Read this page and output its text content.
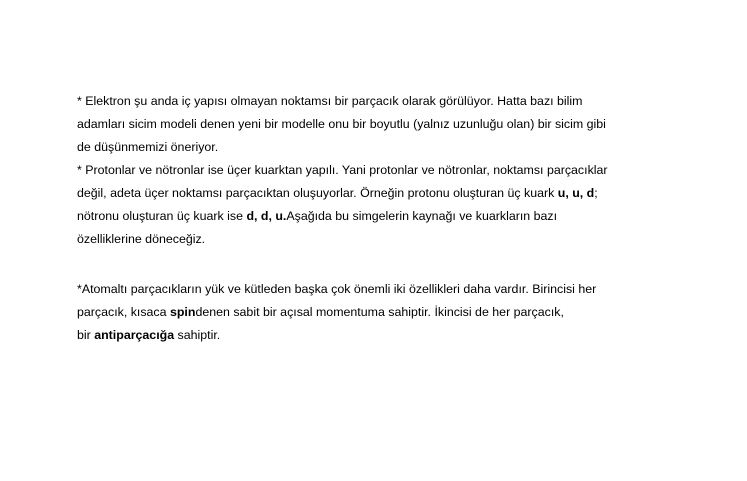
* Elektron şu anda iç yapısı olmayan noktamsı bir parçacık olarak görülüyor. Hatta bazı bilim
adamları sicim modeli denen yeni bir modelle onu bir boyutlu (yalnız uzunluğu olan) bir sicim gibi
de düşünmemizi öneriyor.
* Protonlar ve nötronlar ise üçer kuarktan yapılı. Yani protonlar ve nötronlar, noktamsı parçacıklar
değil, adeta üçer noktamsı parçacıktan oluşuyorlar. Örneğin protonu oluşturan üç kuark u, u, d;
nötronu oluşturan üç kuark ise d, d, u.Aşağıda bu simgelerin kaynağı ve kuarkların bazı
özelliklerine döneceğiz.
*Atomaltı parçacıkların yük ve kütleden başka çok önemli iki özellikleri daha vardır. Birincisi her
parçacık, kısaca spindenen sabit bir açısal momentuma sahiptir. İkincisi de her parçacık,
bir antiparçacığa sahiptir.
